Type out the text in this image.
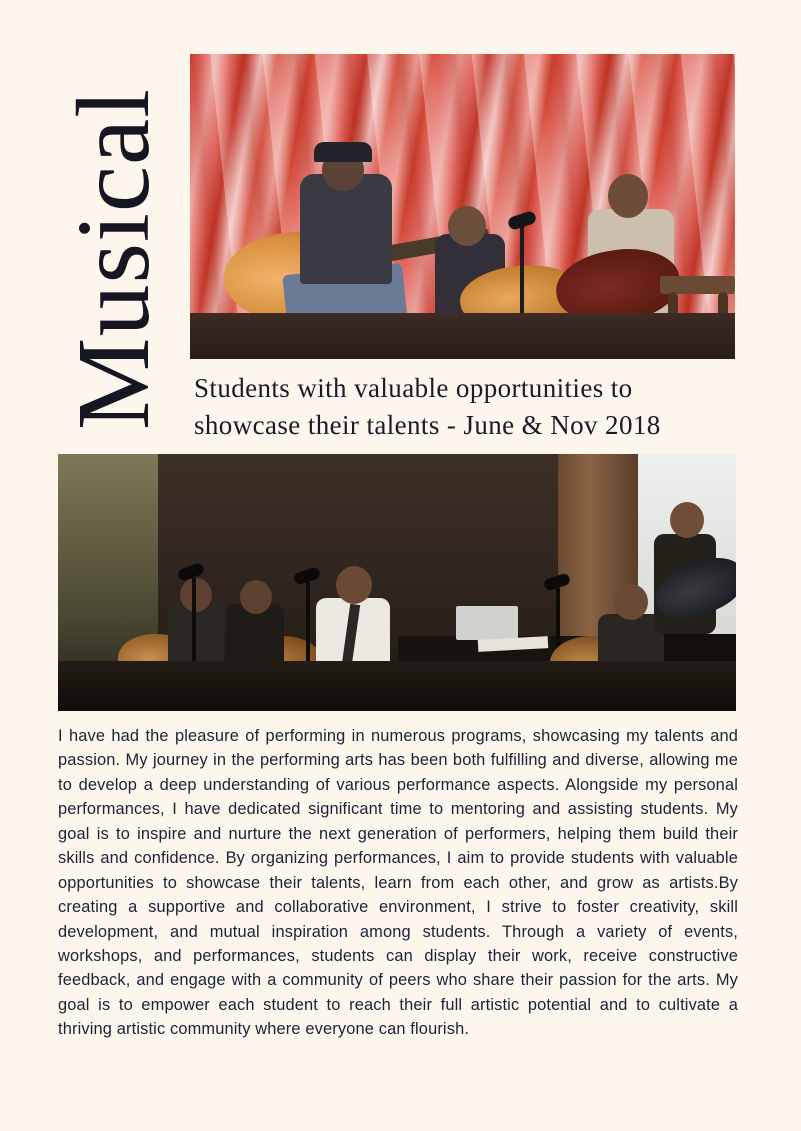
Musical Students with valuable opportunities to showcase their talents - June & Nov 2018
I have had the pleasure of performing in numerous programs, showcasing my talents and passion. My journey in the performing arts has been both fulfilling and diverse, allowing me to develop a deep understanding of various performance aspects. Alongside my personal performances, I have dedicated significant time to mentoring and assisting students. My goal is to inspire and nurture the next generation of performers, helping them build their skills and confidence. By organizing performances, I aim to provide students with valuable opportunities to showcase their talents, learn from each other, and grow as artists.By creating a supportive and collaborative environment, I strive to foster creativity, skill development, and mutual inspiration among students. Through a variety of events, workshops, and performances, students can display their work, receive constructive feedback, and engage with a community of peers who share their passion for the arts. My goal is to empower each student to reach their full artistic potential and to cultivate a thriving artistic community where everyone can flourish.
